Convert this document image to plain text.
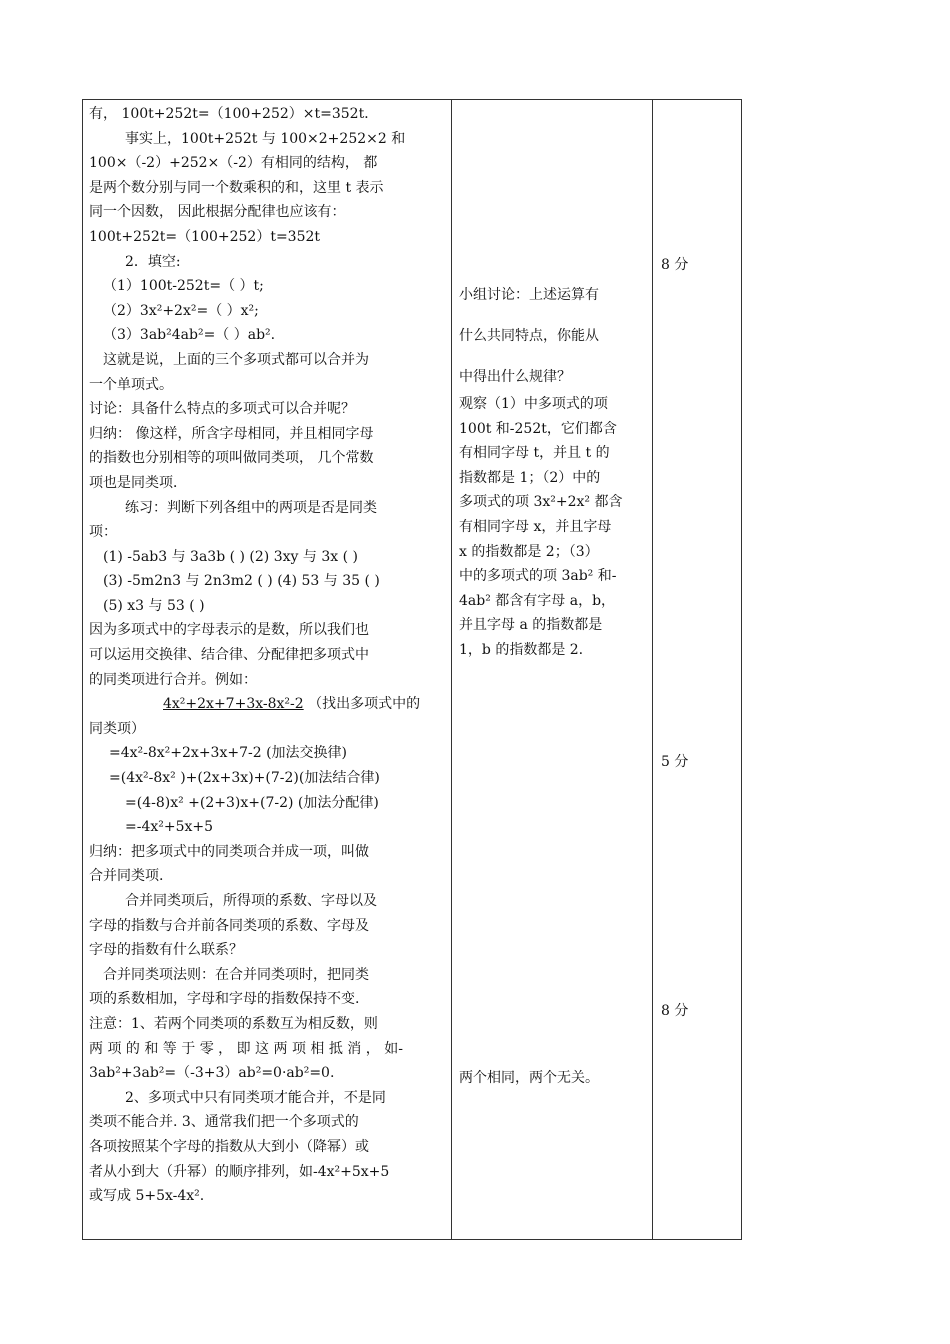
有， 100t+252t=（100+252）×t=352t．

事实上，100t+252t 与 100×2+252×2 和

100×（-2）+252×（-2）有相同的结构， 都

是两个数分别与同一个数乘积的和，这里 t 表示

同一个因数， 因此根据分配律也应该有：

100t+252t=（100+252）t=352t

2．填空:

（1）100t-252t=（ ）t;

（2）3x²+2x²=（ ）x²;

（3）3ab²4ab²=（ ）ab².

这就是说，上面的三个多项式都可以合并为

一个单项式。

讨论：具备什么特点的多项式可以合并呢？

归纳： 像这样，所含字母相同，并且相同字母

的指数也分别相等的项叫做同类项， 几个常数

项也是同类项．

练习：判断下列各组中的两项是否是同类

项：

(1) -5ab3 与 3a3b ( ) (2) 3xy 与 3x ( )

(3) -5m2n3 与 2n3m2 ( ) (4) 53 与 35 ( )

(5) x3 与 53 ( )

因为多项式中的字母表示的是数，所以我们也

可以运用交换律、结合律、分配律把多项式中

的同类项进行合并。例如：

4x²+2x+7+3x-8x²-2 （找出多项式中的

同类项）

=4x²-8x²+2x+3x+7-2 (加法交换律)

=(4x²-8x² )+(2x+3x)+(7-2)(加法结合律)

=(4-8)x² +(2+3)x+(7-2) (加法分配律)

=-4x²+5x+5

归纳：把多项式中的同类项合并成一项，叫做

合并同类项.

合并同类项后，所得项的系数、字母以及

字母的指数与合并前各同类项的系数、字母及

字母的指数有什么联系？

合并同类项法则：在合并同类项时，把同类

项的系数相加，字母和字母的指数保持不变.

注意：1、若两个同类项的系数互为相反数，则

两 项 的 和 等 于 零 ， 即 这 两 项 相 抵 消 ， 如-

3ab²+3ab²=（-3+3）ab²=0·ab²=0.

2、多项式中只有同类项才能合并，不是同

类项不能合并. 3、通常我们把一个多项式的

各项按照某个字母的指数从大到小（降幂）或

者从小到大（升幂）的顺序排列，如-4x²+5x+5

或写成 5+5x-4x².

小组讨论：上述运算有

什么共同特点，你能从

中得出什么规律？

观察（1）中多项式的项

100t 和-252t，它们都含

有相同字母 t，并且 t 的

指数都是 1；（2）中的

多项式的项 3x²+2x² 都含

有相同字母 x，并且字母

x 的指数都是 2；（3）

中的多项式的项 3ab² 和-

4ab² 都含有字母 a，b，

并且字母 a 的指数都是

1，b 的指数都是 2.

两个相同，两个无关。

8 分
5 分
8 分
